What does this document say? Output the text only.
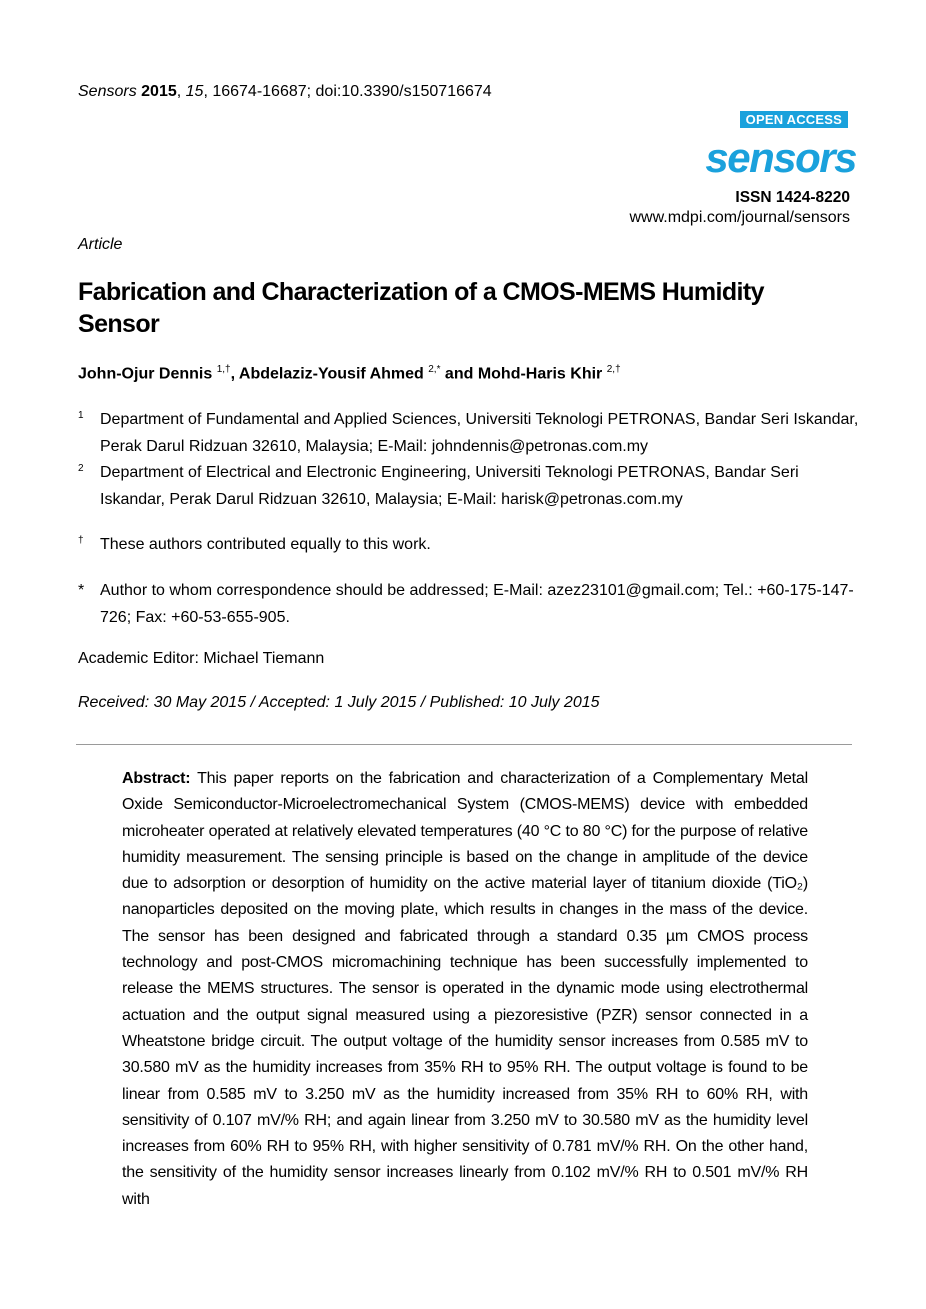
Sensors 2015, 15, 16674-16687; doi:10.3390/s150716674
OPEN ACCESS
sensors
ISSN 1424-8220
www.mdpi.com/journal/sensors
Article
Fabrication and Characterization of a CMOS-MEMS Humidity Sensor
John-Ojur Dennis $^{1,\dagger}$, Abdelaziz-Yousif Ahmed $^{2,*}$ and Mohd-Haris Khir $^{2,\dagger}$
1	Department of Fundamental and Applied Sciences, Universiti Teknologi PETRONAS, Bandar Seri Iskandar, Perak Darul Ridzuan 32610, Malaysia; E-Mail: johndennis@petronas.com.my
2	Department of Electrical and Electronic Engineering, Universiti Teknologi PETRONAS, Bandar Seri Iskandar, Perak Darul Ridzuan 32610, Malaysia; E-Mail: harisk@petronas.com.my
†	These authors contributed equally to this work.
* Author to whom correspondence should be addressed; E-Mail: azez23101@gmail.com; Tel.: +60-175-147-726; Fax: +60-53-655-905.
Academic Editor: Michael Tiemann
Received: 30 May 2015 / Accepted: 1 July 2015 / Published: 10 July 2015
Abstract: This paper reports on the fabrication and characterization of a Complementary Metal Oxide Semiconductor-Microelectromechanical System (CMOS-MEMS) device with embedded microheater operated at relatively elevated temperatures (40 °C to 80 °C) for the purpose of relative humidity measurement. The sensing principle is based on the change in amplitude of the device due to adsorption or desorption of humidity on the active material layer of titanium dioxide (TiO₂) nanoparticles deposited on the moving plate, which results in changes in the mass of the device. The sensor has been designed and fabricated through a standard 0.35 µm CMOS process technology and post-CMOS micromachining technique has been successfully implemented to release the MEMS structures. The sensor is operated in the dynamic mode using electrothermal actuation and the output signal measured using a piezoresistive (PZR) sensor connected in a Wheatstone bridge circuit. The output voltage of the humidity sensor increases from 0.585 mV to 30.580 mV as the humidity increases from 35% RH to 95% RH. The output voltage is found to be linear from 0.585 mV to 3.250 mV as the humidity increased from 35% RH to 60% RH, with sensitivity of 0.107 mV/% RH; and again linear from 3.250 mV to 30.580 mV as the humidity level increases from 60% RH to 95% RH, with higher sensitivity of 0.781 mV/% RH. On the other hand, the sensitivity of the humidity sensor increases linearly from 0.102 mV/% RH to 0.501 mV/% RH with
